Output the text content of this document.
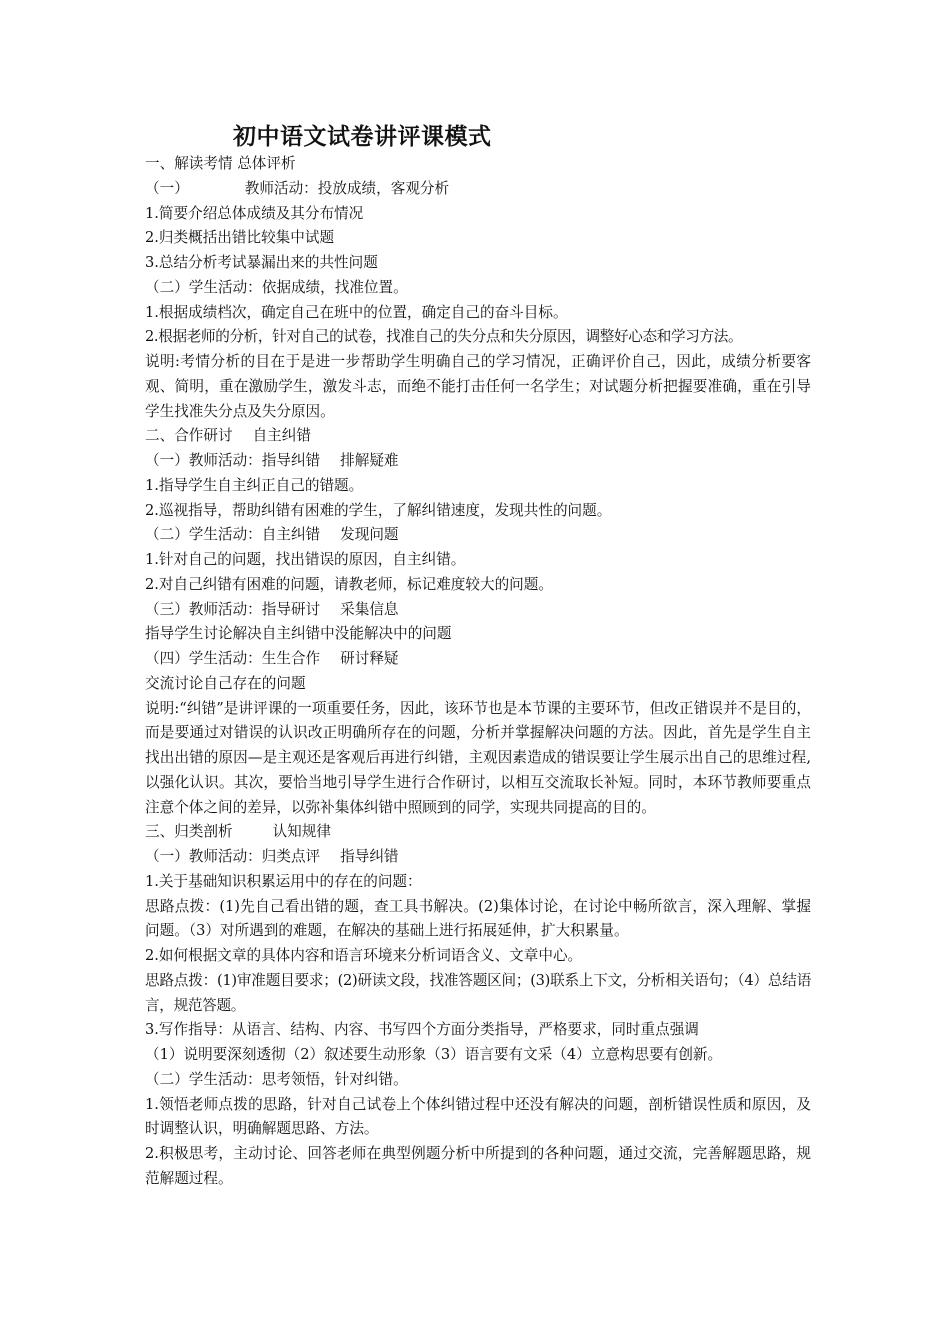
初中语文试卷讲评课模式
一、解读考情 总体评析
（一）	教师活动：投放成绩，客观分析
1.简要介绍总体成绩及其分布情况
2.归类概括出错比较集中试题
3.总结分析考试暴漏出来的共性问题
（二）学生活动：依据成绩，找准位置。
1.根据成绩档次，确定自己在班中的位置，确定自己的奋斗目标。
2.根据老师的分析，针对自己的试卷，找准自己的失分点和失分原因，调整好心态和学习方法。
说明:考情分析的目在于是进一步帮助学生明确自己的学习情况，正确评价自己，因此，成绩分析要客观、简明，重在激励学生，激发斗志，而绝不能打击任何一名学生；对试题分析把握要准确，重在引导学生找准失分点及失分原因。
二、合作研讨 自主纠错
（一）教师活动：指导纠错 排解疑难
1.指导学生自主纠正自己的错题。
2.巡视指导，帮助纠错有困难的学生，了解纠错速度，发现共性的问题。
（二）学生活动：自主纠错 发现问题
1.针对自己的问题，找出错误的原因，自主纠错。
2.对自己纠错有困难的问题，请教老师，标记难度较大的问题。
（三）教师活动：指导研讨 采集信息
指导学生讨论解决自主纠错中没能解决中的问题
（四）学生活动：生生合作 研讨释疑
交流讨论自己存在的问题
说明:“纠错”是讲评课的一项重要任务，因此，该环节也是本节课的主要环节，但改正错误并不是目的，而是要通过对错误的认识改正明确所存在的问题，分析并掌握解决问题的方法。因此，首先是学生自主找出出错的原因—是主观还是客观后再进行纠错，主观因素造成的错误要让学生展示出自己的思维过程,以强化认识。其次，要恰当地引导学生进行合作研讨，以相互交流取长补短。同时，本环节教师要重点注意个体之间的差异，以弥补集体纠错中照顾到的同学，实现共同提高的目的。
三、归类剖析	认知规律
（一）教师活动：归类点评 指导纠错
1.关于基础知识积累运用中的存在的问题：
思路点拨：(1)先自己看出错的题，查工具书解决。(2)集体讨论，在讨论中畅所欲言，深入理解、掌握问题。（3）对所遇到的难题，在解决的基础上进行拓展延伸，扩大积累量。
2.如何根据文章的具体内容和语言环境来分析词语含义、文章中心。
思路点拨：(1)审准题目要求；(2)研读文段，找准答题区间；(3)联系上下文，分析相关语句；（4）总结语言，规范答题。
3.写作指导：从语言、结构、内容、书写四个方面分类指导，严格要求，同时重点强调
（1）说明要深刻透彻（2）叙述要生动形象（3）语言要有文采（4）立意构思要有创新。
（二）学生活动：思考领悟，针对纠错。
1.领悟老师点拨的思路，针对自己试卷上个体纠错过程中还没有解决的问题，剖析错误性质和原因，及时调整认识，明确解题思路、方法。
2.积极思考，主动讨论、回答老师在典型例题分析中所提到的各种问题，通过交流，完善解题思路，规范解题过程。
